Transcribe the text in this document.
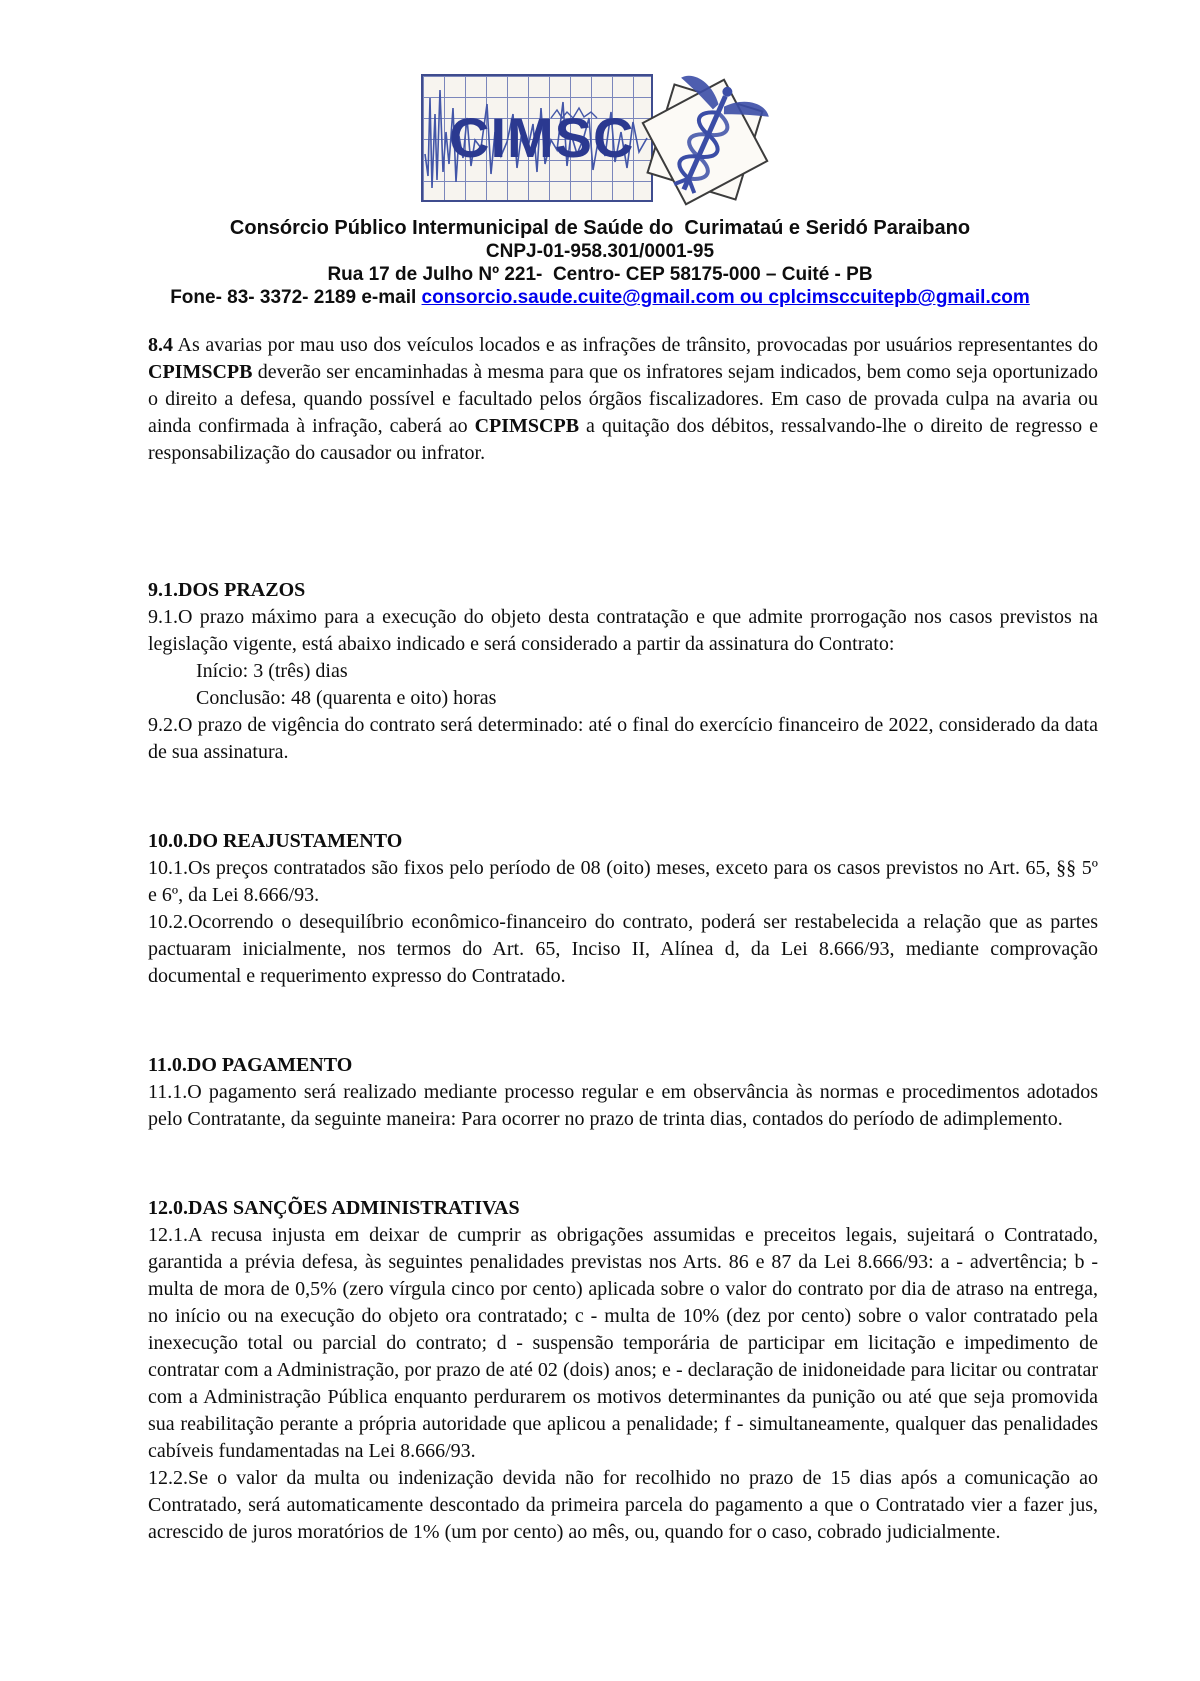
CIMSC
Consórcio Público Intermunicipal de Saúde do  Curimataú e Seridó Paraibano
CNPJ-01-958.301/0001-95
Rua 17 de Julho Nº 221-  Centro- CEP 58175-000 – Cuité - PB
Fone- 83- 3372- 2189 e-mail consorcio.saude.cuite@gmail.com ou cplcimsccuitepb@gmail.com

8.4 As avarias por mau uso dos veículos locados e as infrações de trânsito, provocadas por usuários representantes do CPIMSCPB deverão ser encaminhadas à mesma para que os infratores sejam indicados, bem como seja oportunizado o direito a defesa, quando possível e facultado pelos órgãos fiscalizadores. Em caso de provada culpa na avaria ou ainda confirmada à infração, caberá ao CPIMSCPB a quitação dos débitos, ressalvando-lhe o direito de regresso e responsabilização do causador ou infrator.

9.1.DOS PRAZOS

9.1.O prazo máximo para a execução do objeto desta contratação e que admite prorrogação nos casos previstos na legislação vigente, está abaixo indicado e será considerado a partir da assinatura do Contrato:

Início: 3 (três) dias

Conclusão: 48 (quarenta e oito) horas

9.2.O prazo de vigência do contrato será determinado: até o final do exercício financeiro de 2022, considerado da data de sua assinatura.

10.0.DO REAJUSTAMENTO

10.1.Os preços contratados são fixos pelo período de 08 (oito) meses, exceto para os casos previstos no Art. 65, §§ 5º e 6º, da Lei 8.666/93.

10.2.Ocorrendo o desequilíbrio econômico-financeiro do contrato, poderá ser restabelecida a relação que as partes pactuaram inicialmente, nos termos do Art. 65, Inciso II, Alínea d, da Lei 8.666/93, mediante comprovação documental e requerimento expresso do Contratado.

11.0.DO PAGAMENTO

11.1.O pagamento será realizado mediante processo regular e em observância às normas e procedimentos adotados pelo Contratante, da seguinte maneira: Para ocorrer no prazo de trinta dias, contados do período de adimplemento.

12.0.DAS SANÇÕES ADMINISTRATIVAS

12.1.A recusa injusta em deixar de cumprir as obrigações assumidas e preceitos legais, sujeitará o Contratado, garantida a prévia defesa, às seguintes penalidades previstas nos Arts. 86 e 87 da Lei 8.666/93: a - advertência; b - multa de mora de 0,5% (zero vírgula cinco por cento) aplicada sobre o valor do contrato por dia de atraso na entrega, no início ou na execução do objeto ora contratado; c - multa de 10% (dez por cento) sobre o valor contratado pela inexecução total ou parcial do contrato; d - suspensão temporária de participar em licitação e impedimento de contratar com a Administração, por prazo de até 02 (dois) anos; e - declaração de inidoneidade para licitar ou contratar com a Administração Pública enquanto perdurarem os motivos determinantes da punição ou até que seja promovida sua reabilitação perante a própria autoridade que aplicou a penalidade; f - simultaneamente, qualquer das penalidades cabíveis fundamentadas na Lei 8.666/93.

12.2.Se o valor da multa ou indenização devida não for recolhido no prazo de 15 dias após a comunicação ao Contratado, será automaticamente descontado da primeira parcela do pagamento a que o Contratado vier a fazer jus, acrescido de juros moratórios de 1% (um por cento) ao mês, ou, quando for o caso, cobrado judicialmente.
